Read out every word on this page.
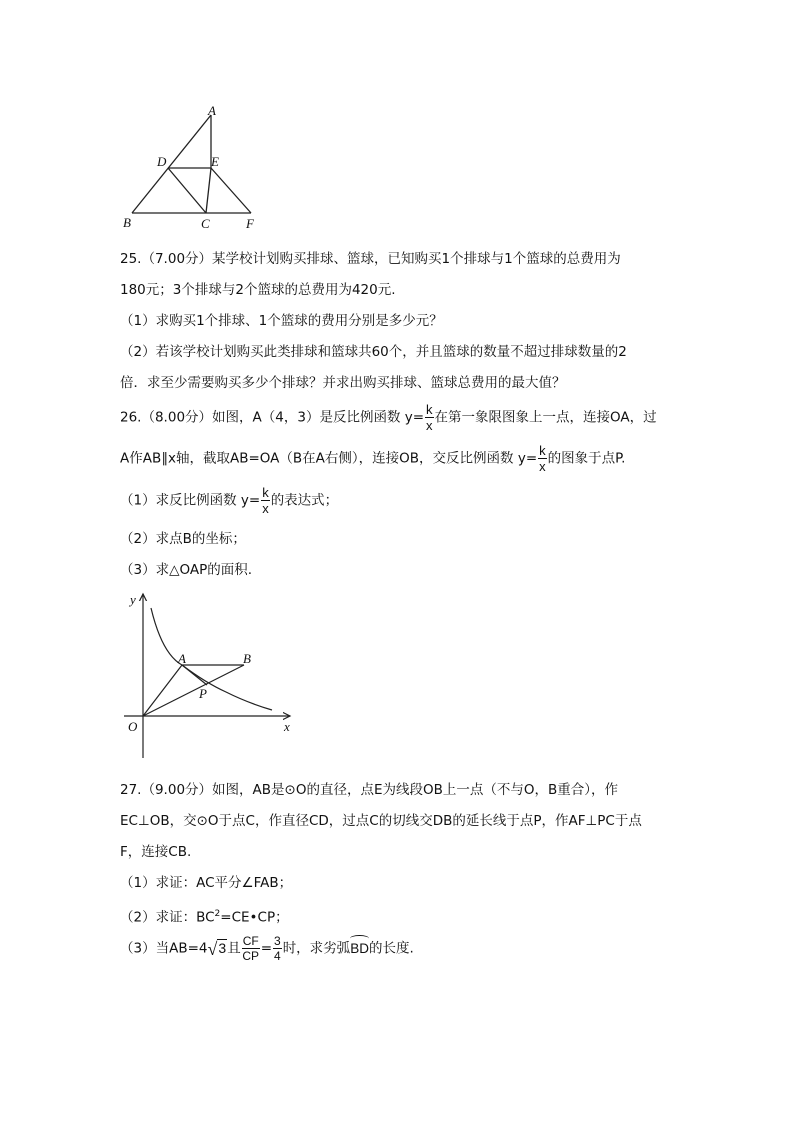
A
D	E
B	C	F
25.（7.00分）某学校计划购买排球、篮球，已知购买1个排球与1个篮球的总费用为
180元；3个排球与2个篮球的总费用为420元.
（1）求购买1个排球、1个篮球的费用分别是多少元？
（2）若该学校计划购买此类排球和篮球共60个，并且篮球的数量不超过排球数量的2
倍．求至少需要购买多少个排球？并求出购买排球、篮球总费用的最大值？
26.（8.00分）如图，A（4，3）是反比例函数 $y= \frac{k}{x}$ 在第一象限图象上一点，连接OA，过
A作AB∥x轴，截取AB=OA（B在A右侧），连接OB，交反比例函数 $y= \frac{k}{x}$ 的图象于点P.
（1）求反比例函数 $y= \frac{k}{x}$ 的表达式；
（2）求点B的坐标；
（3）求△OAP的面积.
y
x
O
A	B
P
27.（9.00分）如图，AB是⊙O的直径，点E为线段OB上一点（不与O，B重合），作
EC⊥OB，交⊙O于点C，作直径CD，过点C的切线交DB的延长线于点P，作AF⊥PC于点
F，连接CB.
（1）求证：AC平分∠FAB；
（2）求证：$BC^2=CE•CP$；
（3）当AB=4√3且 $\frac{CF}{CP} = \frac{3}{4}$ 时，求劣弧BD的长度.
